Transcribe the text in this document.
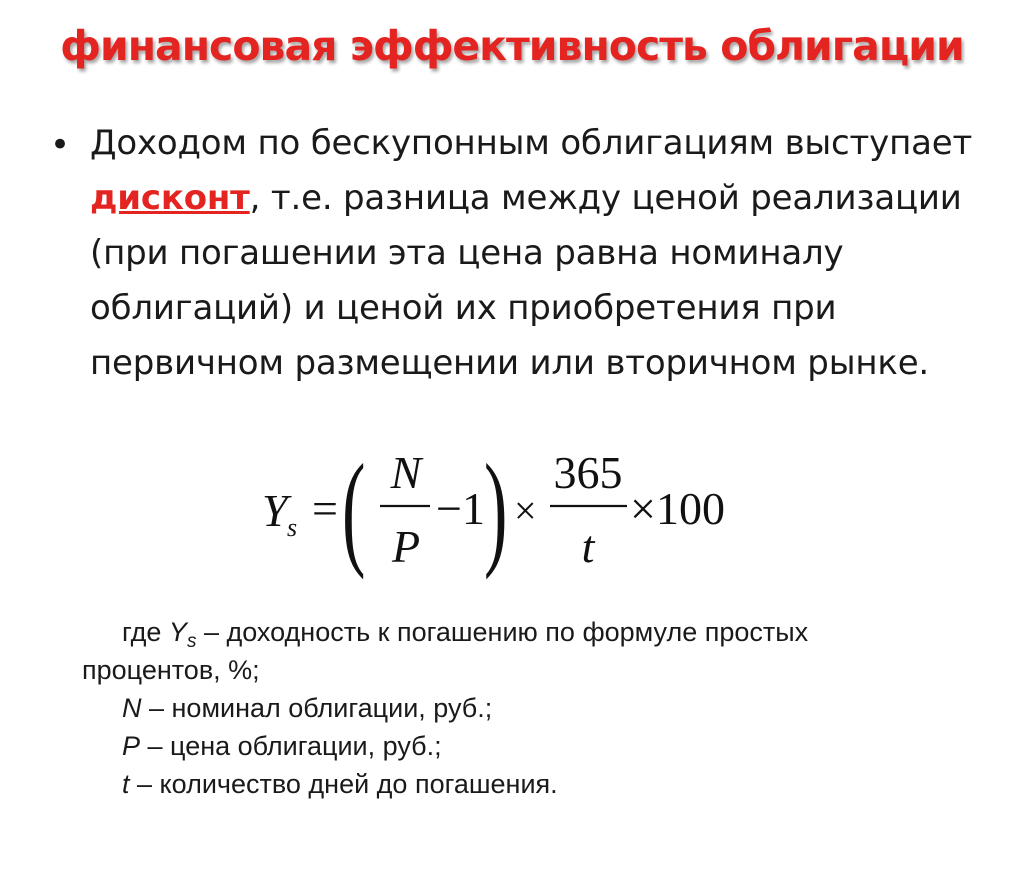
финансовая эффективность облигации
• Доходом по бескупонным облигациям выступает дисконт, т.е. разница между ценой реализации (при погашении эта цена равна номиналу облигаций) и ценой их приобретения при первичном размещении или вторичном рынке.
Y s = ( N
P
−1 ) ×
365
t
×100
где $Y_s$ – доходность к погашению по формуле простых
процентов, %;
N – номинал облигации, руб.;
P – цена облигации, руб.;
t – количество дней до погашения.
